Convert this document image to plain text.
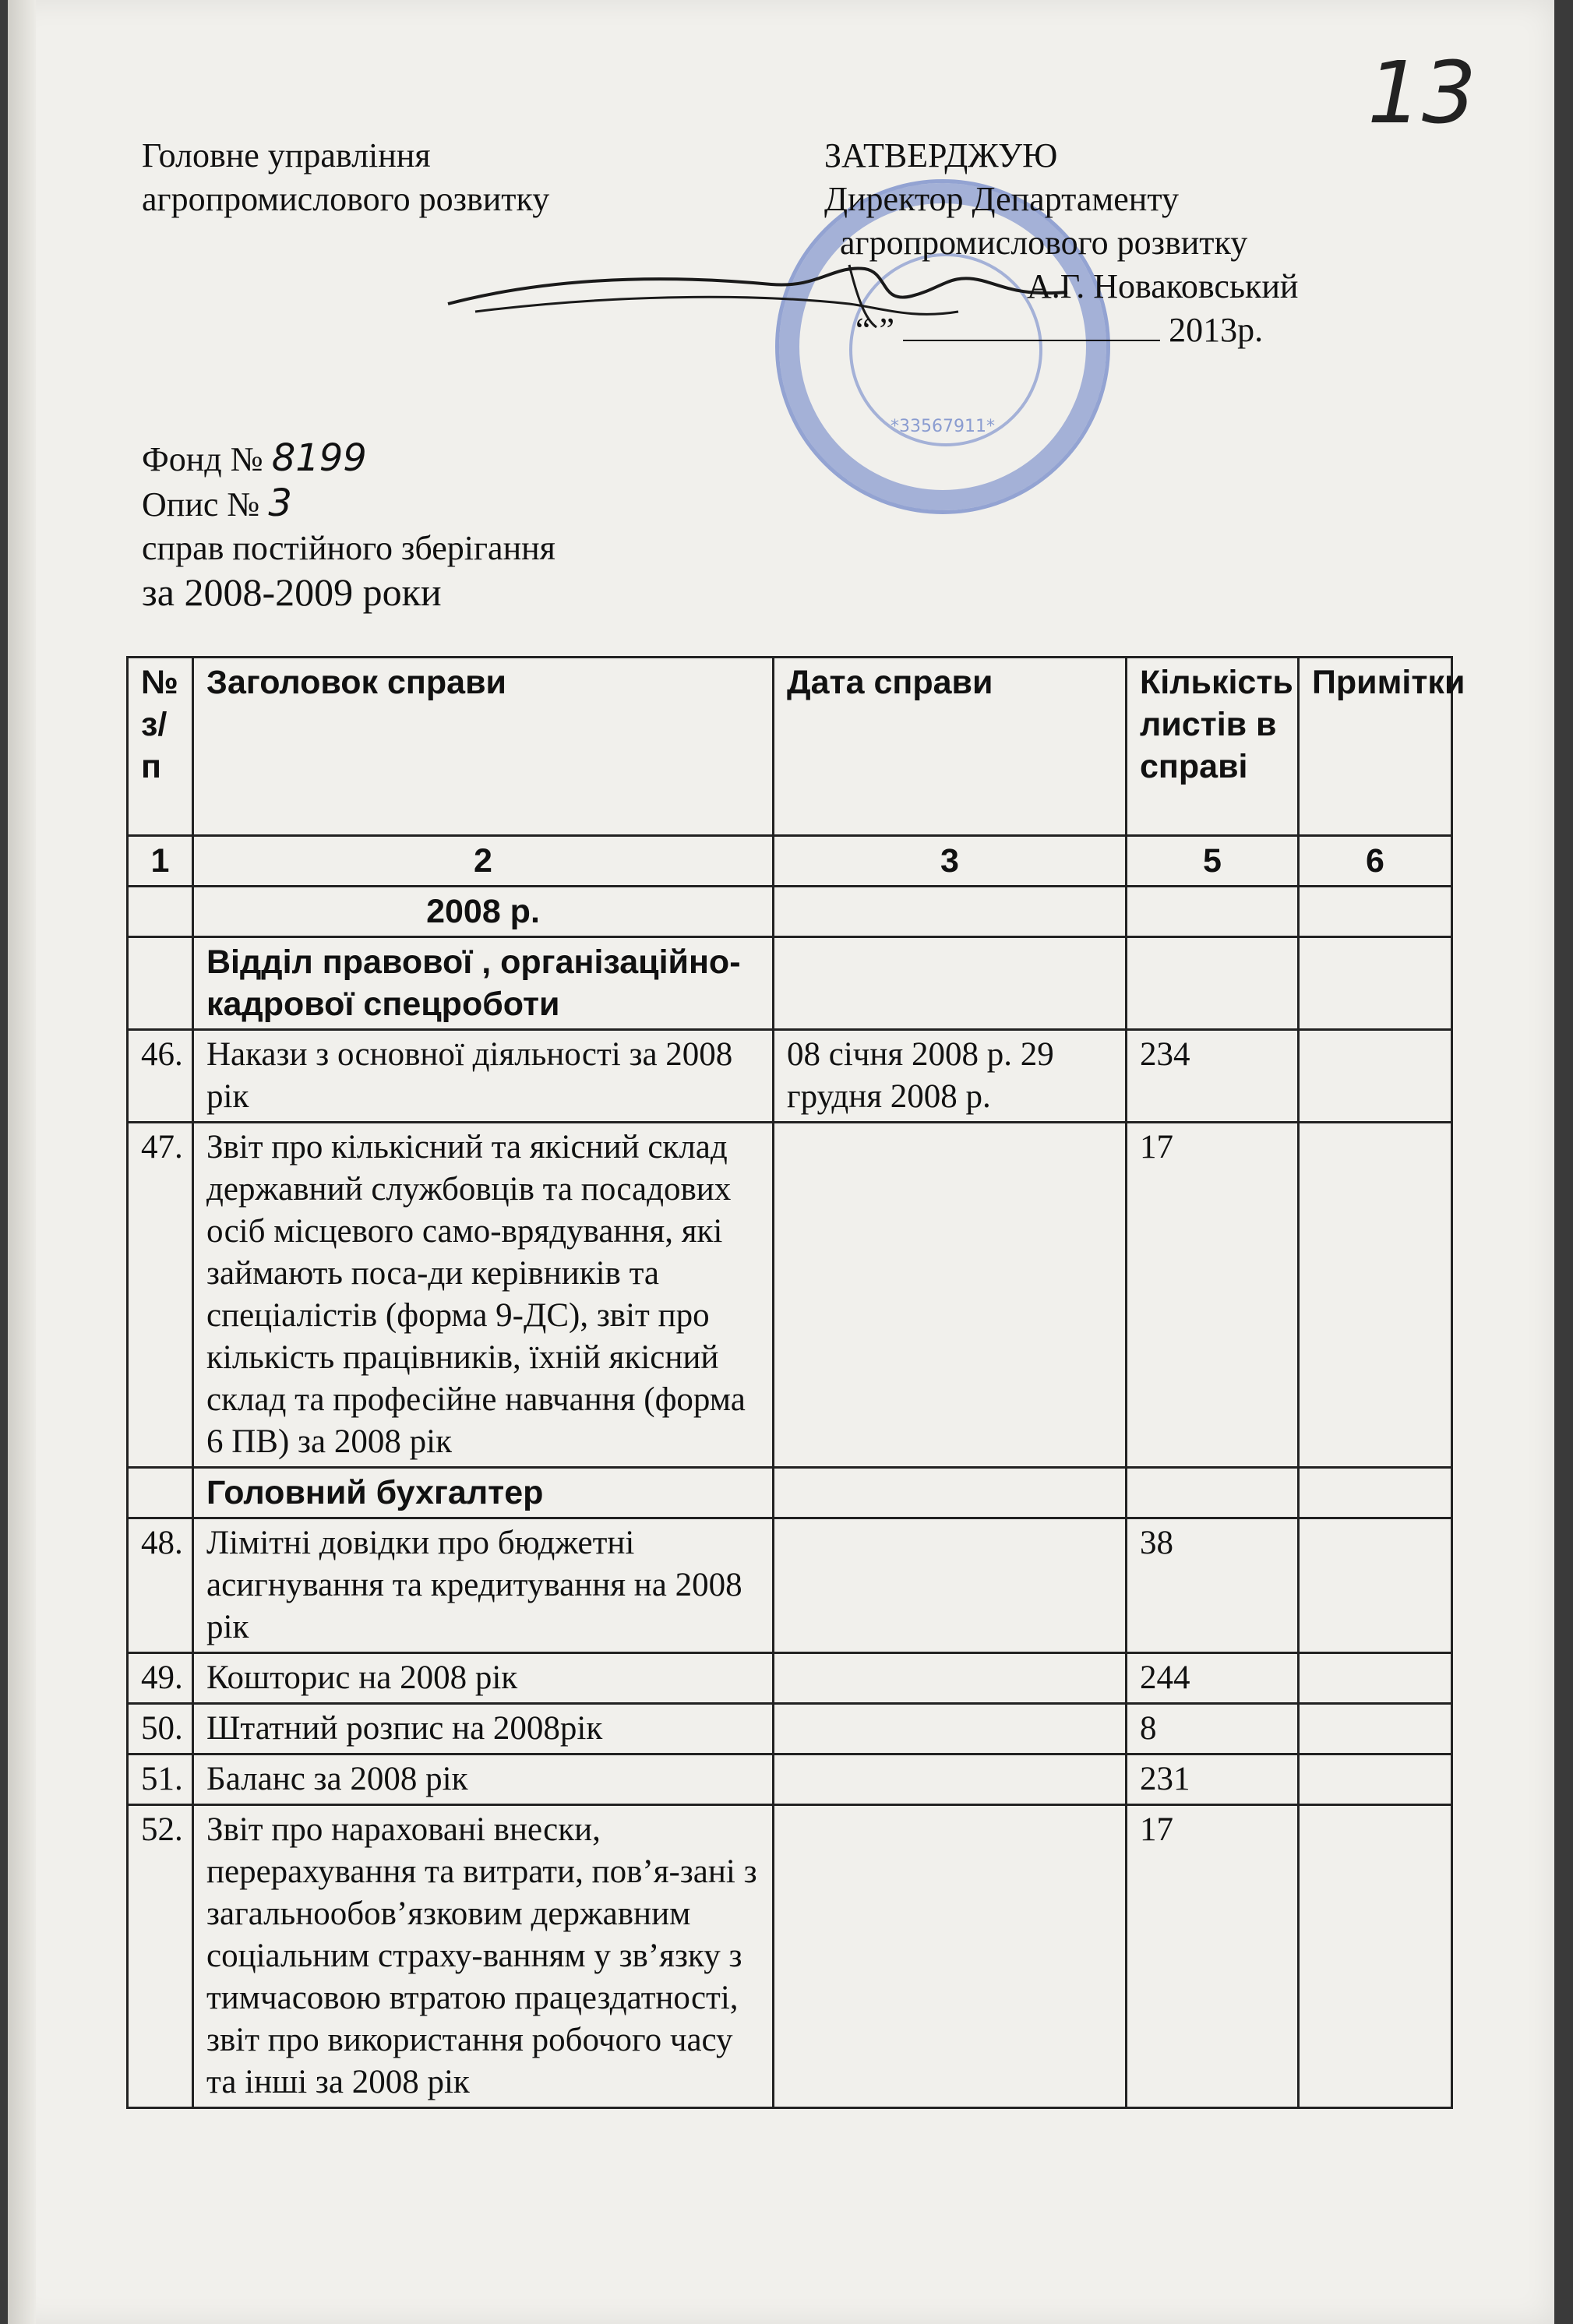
13
Головне управління
агропромислового розвитку
*33567911*
ЗАТВЕРДЖУЮ
Директор Департаменту
агропромислового розвитку
А.Г. Новаковський
“ ”	2013р.
Фонд № 8199
Опис № 3
справ постійного зберігання
за 2008-2009 роки
№ з/п	Заголовок справи	Дата справи	Кількість листів в справі	Примітки
1	2	3	5	6
	2008 р.			
	Відділ правової , організаційно-кадрової спецроботи			
46.	Накази з основної діяльності за 2008 рік	08 січня 2008 р. 29 грудня 2008 р.	234	
47.	Звіт про кількісний та якісний склад державний службовців та посадових осіб місцевого само-врядування, які займають поса-ди керівників та спеціалістів (форма 9-ДС), звіт про кількість працівників, їхній якісний склад та професійне навчання (форма 6 ПВ) за 2008 рік		17	
	Головний бухгалтер			
48.	Лімітні довідки про бюджетні асигнування та кредитування на 2008 рік		38	
49.	Кошторис на 2008 рік		244	
50.	Штатний розпис на 2008рік		8	
51.	Баланс за 2008 рік		231	
52.	Звіт про нараховані внески, перерахування та витрати, пов’я-зані з загальнообов’язковим державним соціальним страху-ванням у зв’язку з тимчасовою втратою працездатності, звіт про використання робочого часу та інші за 2008 рік		17	
